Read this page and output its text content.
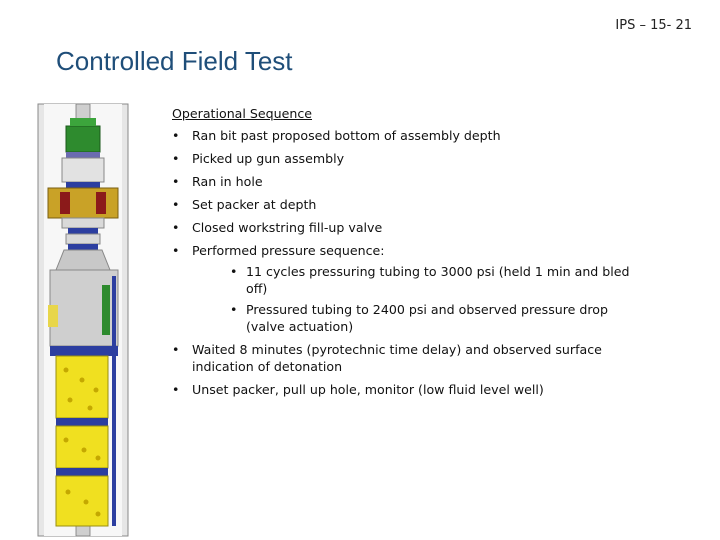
IPS – 15- 21
Controlled Field Test
Operational Sequence
• Ran bit past proposed bottom of assembly depth
• Picked up gun assembly
• Ran in hole
• Set packer at depth
• Closed workstring fill-up valve
• Performed pressure sequence:
• 11 cycles pressuring tubing to 3000 psi (held 1 min and bled off)
• Pressured tubing to 2400 psi and observed pressure drop (valve actuation)
• Waited 8 minutes (pyrotechnic time delay) and observed surface indication of detonation
• Unset packer, pull up hole, monitor (low fluid level well)
